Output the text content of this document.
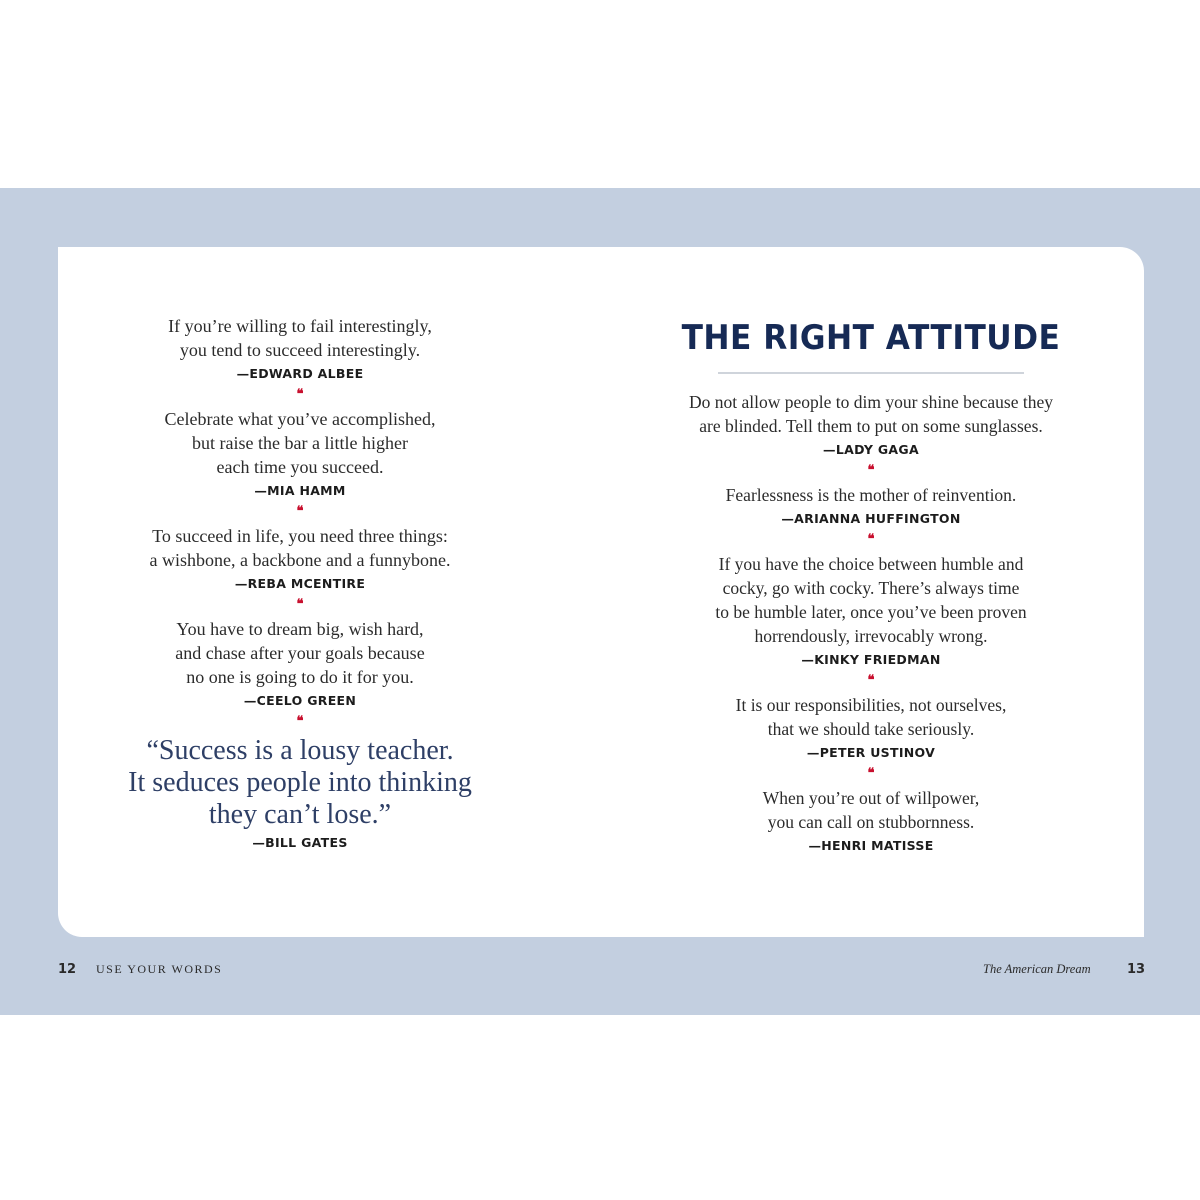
If you’re willing to fail interestingly,
you tend to succeed interestingly.

—EDWARD ALBEE

❝

Celebrate what you’ve accomplished,
but raise the bar a little higher
each time you succeed.

—MIA HAMM

❝

To succeed in life, you need three things:
a wishbone, a backbone and a funnybone.

—REBA MCENTIRE

❝

You have to dream big, wish hard,
and chase after your goals because
no one is going to do it for you.

—CEELO GREEN

❝

“Success is a lousy teacher.
It seduces people into thinking
they can’t lose.”

—BILL GATES

THE RIGHT ATTITUDE

Do not allow people to dim your shine because they
are blinded. Tell them to put on some sunglasses.

—LADY GAGA

❝

Fearlessness is the mother of reinvention.

—ARIANNA HUFFINGTON

❝

If you have the choice between humble and
cocky, go with cocky. There’s always time
to be humble later, once you’ve been proven
horrendously, irrevocably wrong.

—KINKY FRIEDMAN

❝

It is our responsibilities, not ourselves,
that we should take seriously.

—PETER USTINOV

❝

When you’re out of willpower,
you can call on stubbornness.

—HENRI MATISSE

12 USE YOUR WORDS	The American Dream	13
